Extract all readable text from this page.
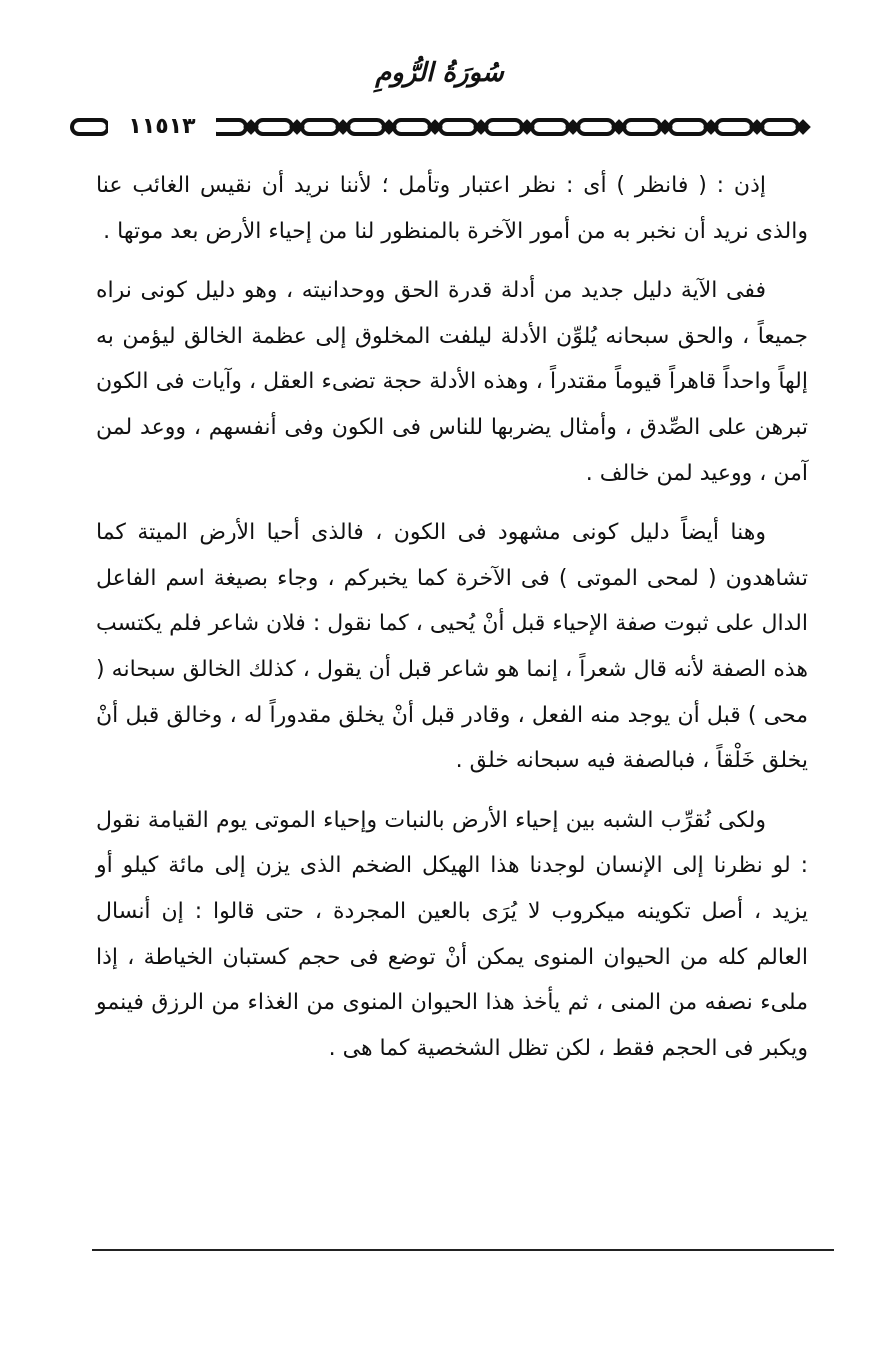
سُورَةُ الرُّومِ
١١٥١٣

إذن : ( فانظر ) أى : نظر اعتبار وتأمل ؛ لأننا نريد أن نقيس الغائب عنا والذى نريد أن نخبر به من أمور الآخرة بالمنظور لنا من إحياء الأرض بعد موتها .

ففى الآية دليل جديد من أدلة قدرة الحق ووحدانيته ، وهو دليل كونى نراه جميعاً ، والحق سبحانه يُلوِّن الأدلة ليلفت المخلوق إلى عظمة الخالق ليؤمن به إلهاً واحداً قاهراً قيوماً مقتدراً ، وهذه الأدلة حجة تضىء العقل ، وآيات فى الكون تبرهن على الصِّدق ، وأمثال يضربها للناس فى الكون وفى أنفسهم ، ووعد لمن آمن ، ووعيد لمن خالف .

وهنا أيضاً دليل كونى مشهود فى الكون ، فالذى أحيا الأرض الميتة كما تشاهدون ( لمحى الموتى ) فى الآخرة كما يخبركم ، وجاء بصيغة اسم الفاعل الدال على ثبوت صفة الإحياء قبل أنْ يُحيى ، كما نقول : فلان شاعر فلم يكتسب هذه الصفة لأنه قال شعراً ، إنما هو شاعر قبل أن يقول ، كذلك الخالق سبحانه ( محى ) قبل أن يوجد منه الفعل ، وقادر قبل أنْ يخلق مقدوراً له ، وخالق قبل أنْ يخلق خَلْقاً ، فبالصفة فيه سبحانه خلق .

ولكى نُقرِّب الشبه بين إحياء الأرض بالنبات وإحياء الموتى يوم القيامة نقول : لو نظرنا إلى الإنسان لوجدنا هذا الهيكل الضخم الذى يزن إلى مائة كيلو أو يزيد ، أصل تكوينه ميكروب لا يُرَى بالعين المجردة ، حتى قالوا : إن أنسال العالم كله من الحيوان المنوى يمكن أنْ توضع فى حجم كستبان الخياطة ، إذا ملىء نصفه من المنى ، ثم يأخذ هذا الحيوان المنوى من الغذاء من الرزق فينمو ويكبر فى الحجم فقط ، لكن تظل الشخصية كما هى .
